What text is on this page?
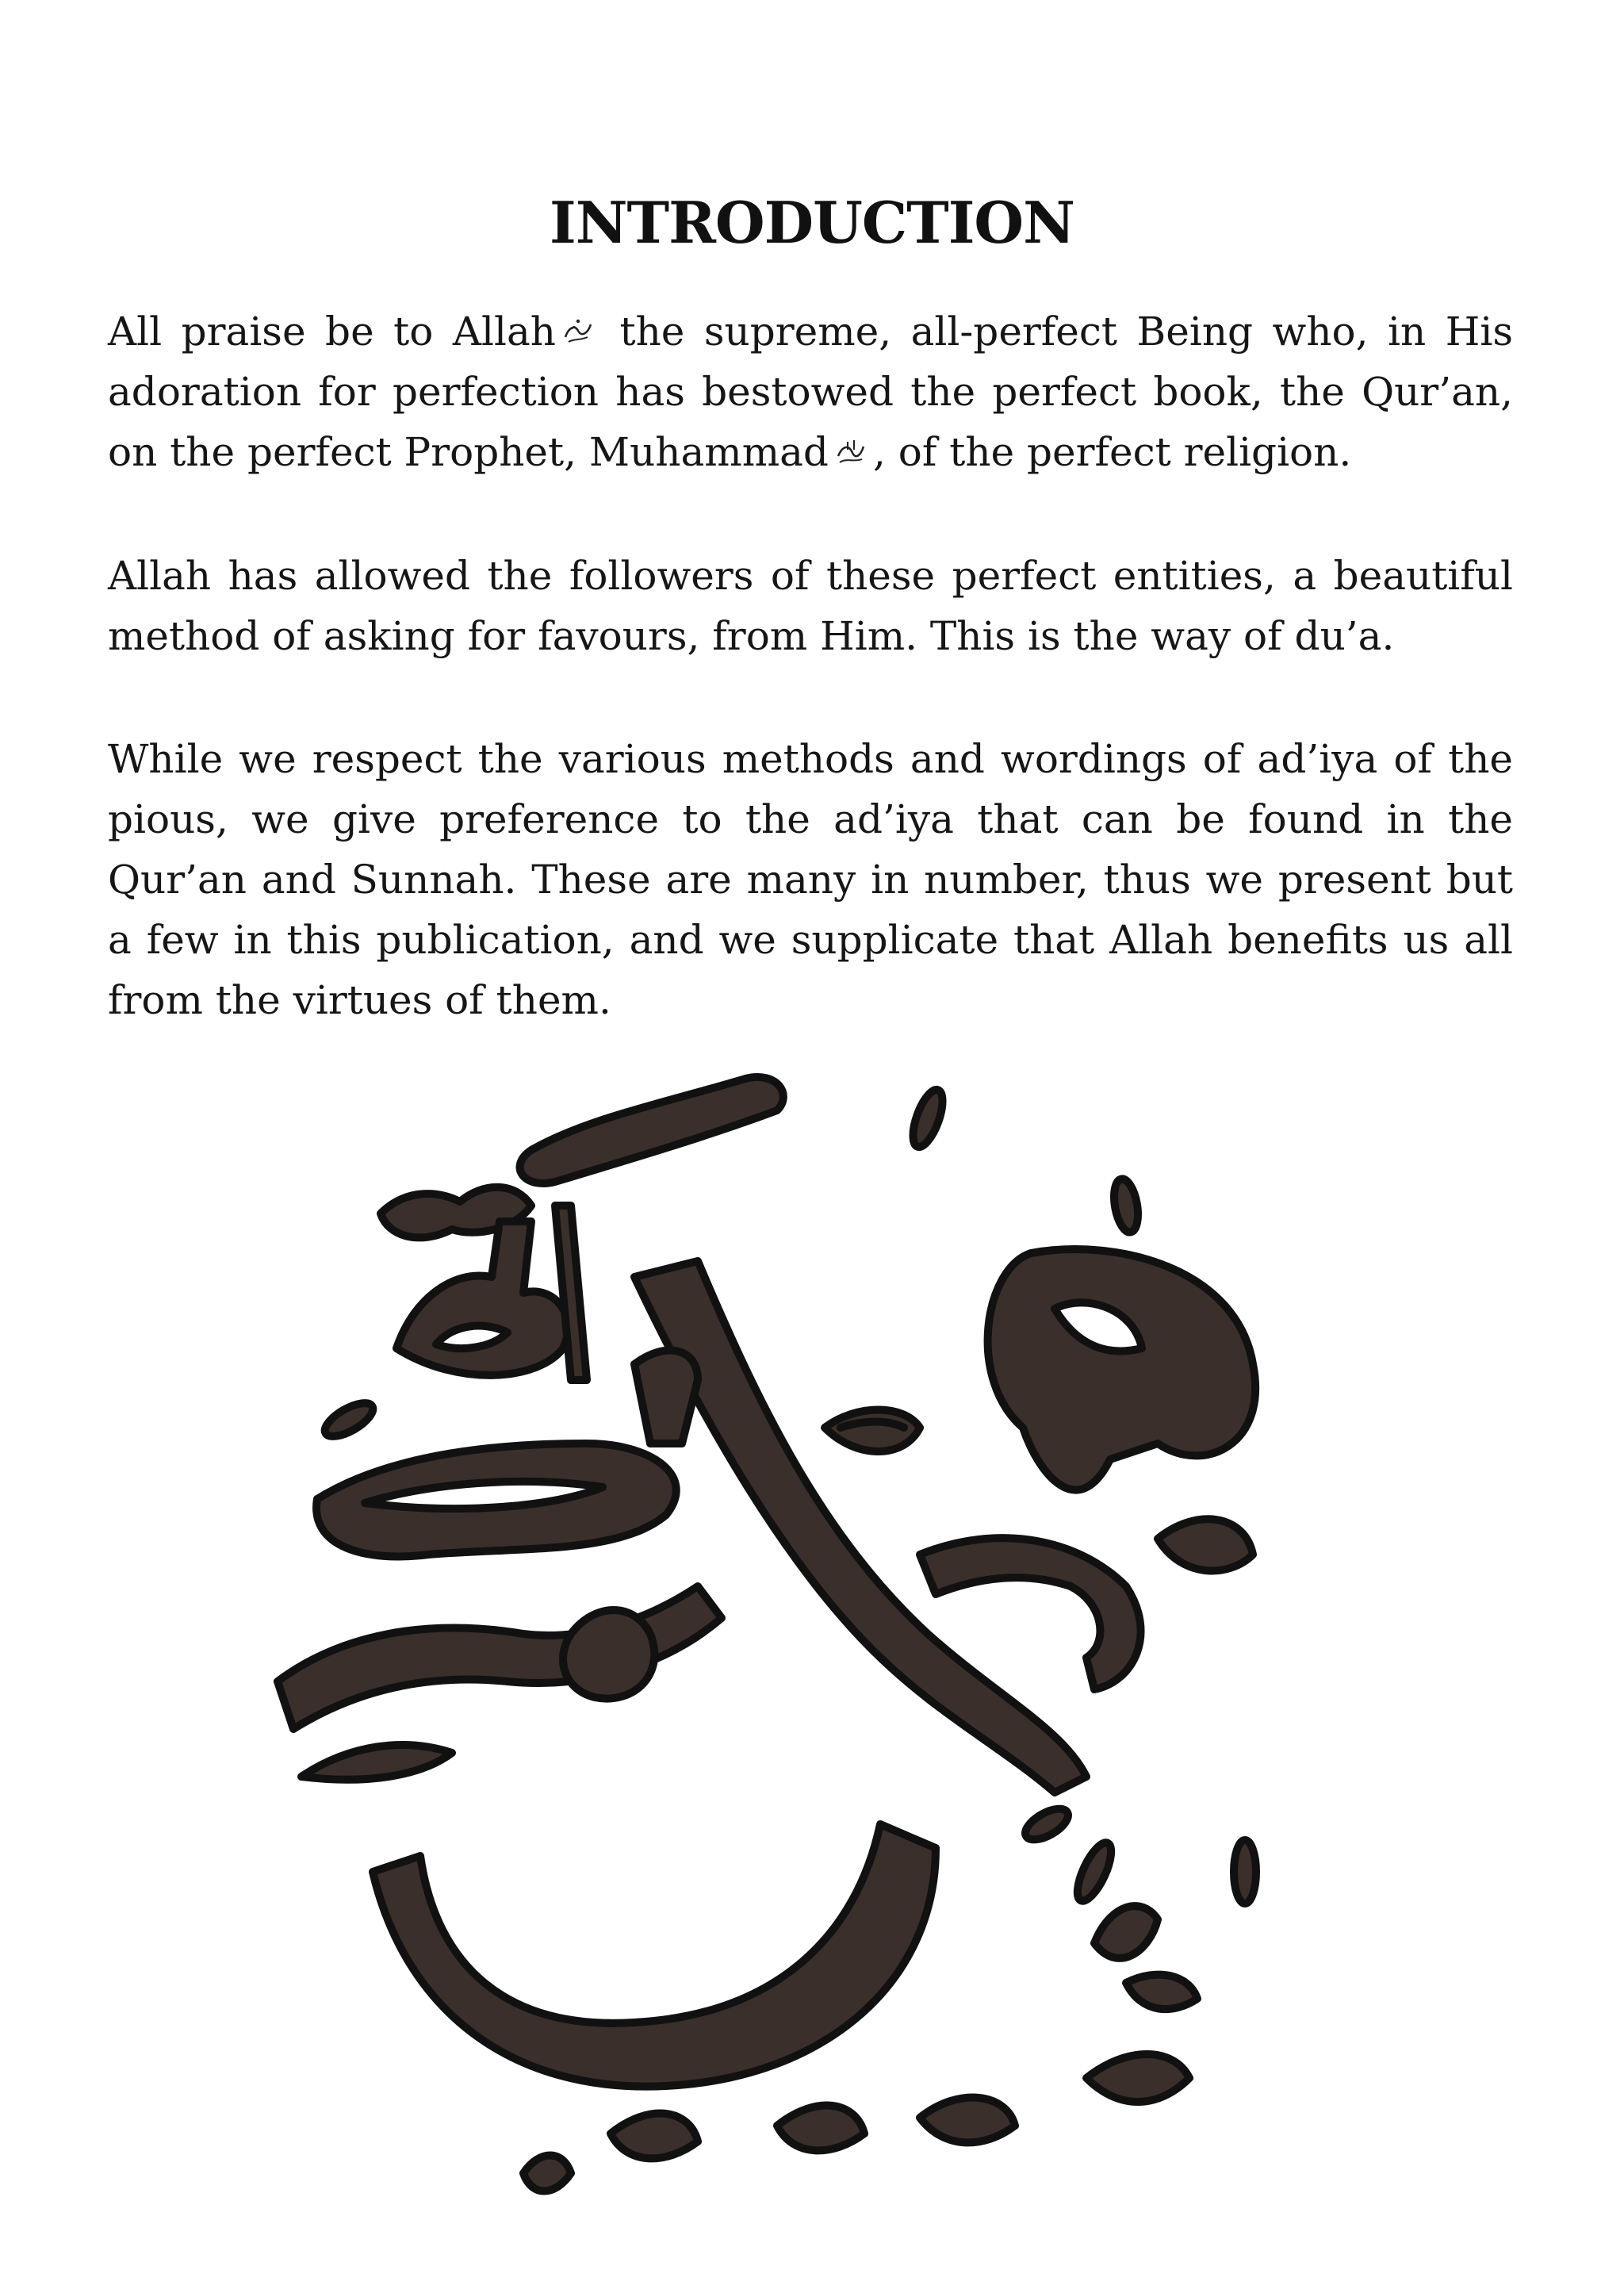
INTRODUCTION

All praise be to Allah the supreme, all-perfect Being who, in His adoration for perfection has bestowed the perfect book, the Qur’an, on the perfect Prophet, Muhammad , of the perfect religion.

Allah has allowed the followers of these perfect entities, a beautiful method of asking for favours, from Him. This is the way of du’a.

While we respect the various methods and wordings of ad’iya of the pious, we give preference to the ad’iya that can be found in the Qur’an and Sunnah. These are many in number, thus we present but a few in this publication, and we supplicate that Allah benefits us all from the virtues of them.
